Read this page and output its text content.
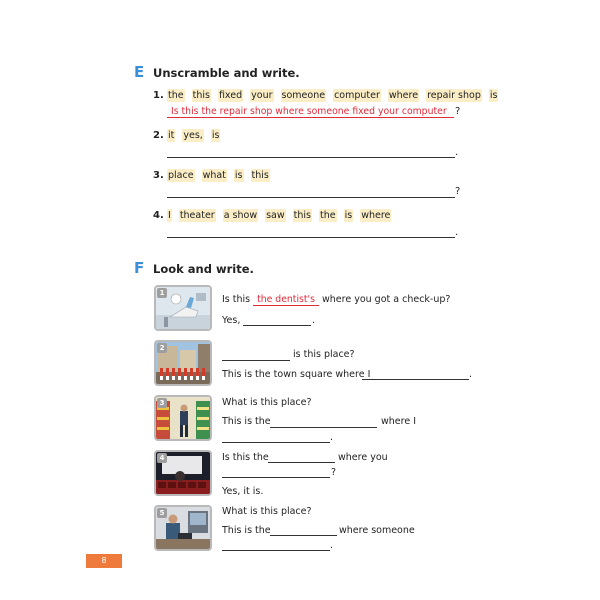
E Unscramble and write.
1. the this fixed your someone computer where repair shop is
Is this the repair shop where someone fixed your computer ?
2. it yes, is
.
3. place what is this
?
4. I theater a show saw this the is where
.
F Look and write.
1
Is this the dentist's where you got a check-up?
Yes,	.
2
is this place?
This is the town square where I	.
3	What is this place?
This is the	where I
.
4	Is this the	where you
?
Yes, it is.
5	What is this place?
This is the	where someone
.
8
